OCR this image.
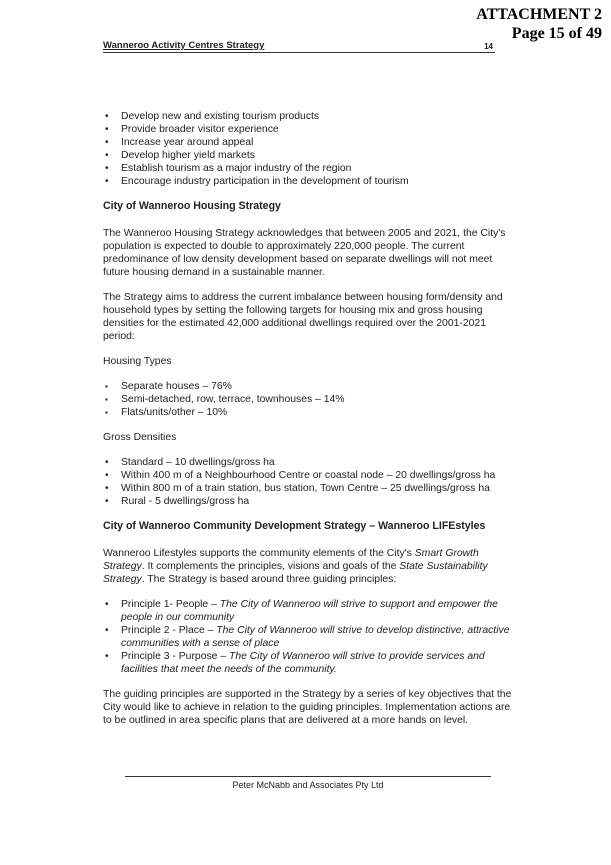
ATTACHMENT 2
Page 15 of 49
Wanneroo Activity Centres Strategy	14
• Develop new and existing tourism products
• Provide broader visitor experience
• Increase year around appeal
• Develop higher yield markets
• Establish tourism as a major industry of the region
• Encourage industry participation in the development of tourism
City of Wanneroo Housing Strategy

The Wanneroo Housing Strategy acknowledges that between 2005 and 2021, the City's population is expected to double to approximately 220,000 people. The current predominance of low density development based on separate dwellings will not meet future housing demand in a sustainable manner.

The Strategy aims to address the current imbalance between housing form/density and household types by setting the following targets for housing mix and gross housing densities for the estimated 42,000 additional dwellings required over the 2001-2021 period:

Housing Types

▪ Separate houses – 76%
▪ Semi-detached, row, terrace, townhouses – 14%
▪ Flats/units/other – 10%

Gross Densities

• Standard – 10 dwellings/gross ha
• Within 400 m of a Neighbourhood Centre or coastal node – 20 dwellings/gross ha
• Within 800 m of a train station, bus station, Town Centre – 25 dwellings/gross ha
• Rural - 5 dwellings/gross ha
City of Wanneroo Community Development Strategy – Wanneroo LIFEstyles

Wanneroo Lifestyles supports the community elements of the City's Smart Growth Strategy. It complements the principles, visions and goals of the State Sustainability Strategy. The Strategy is based around three guiding principles:

• Principle 1- People – The City of Wanneroo will strive to support and empower the people in our community
• Principle 2 - Place – The City of Wanneroo will strive to develop distinctive, attractive communities with a sense of place
• Principle 3 - Purpose – The City of Wanneroo will strive to provide services and facilities that meet the needs of the community.

The guiding principles are supported in the Strategy by a series of key objectives that the City would like to achieve in relation to the guiding principles. Implementation actions are to be outlined in area specific plans that are delivered at a more hands on level.

Peter McNabb and Associates Pty Ltd
